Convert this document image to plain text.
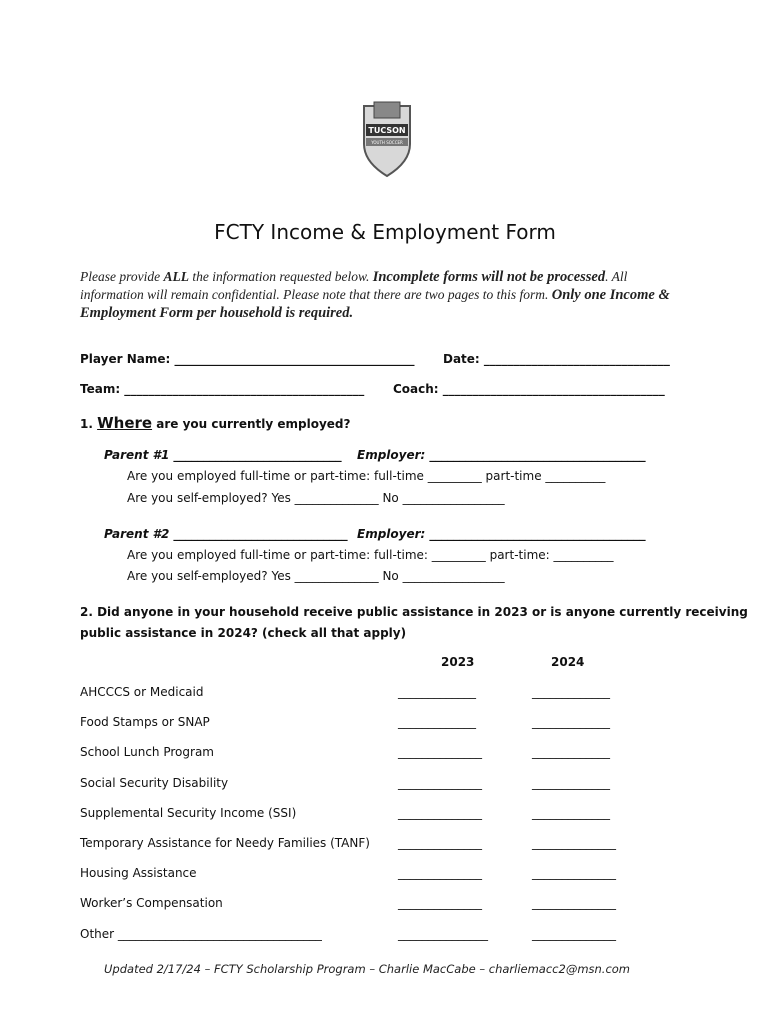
TUCSON
YOUTH SOCCER
FCTY Income & Employment Form
Please provide ALL the information requested below. Incomplete forms will not be processed. All information will remain confidential. Please note that there are two pages to this form. Only one Income & Employment Form per household is required.
Player Name: ________________________________________ Date: _______________________________
Team: ________________________________________ Coach: _____________________________________
1. Where are you currently employed?
Parent #1 ____________________________ Employer: ____________________________________
Are you employed full-time or part-time: full-time _________ part-time __________
Are you self-employed? Yes ______________ No _________________
Parent #2 _____________________________ Employer: ____________________________________
Are you employed full-time or part-time: full-time: _________ part-time: __________
Are you self-employed? Yes ______________ No _________________
2. Did anyone in your household receive public assistance in 2023 or is anyone currently receiving
public assistance in 2024? (check all that apply)
2023	2024
AHCCCS or Medicaid	_____________	_____________
Food Stamps or SNAP	_____________	_____________
School Lunch Program	______________	_____________
Social Security Disability	______________	_____________
Supplemental Security Income (SSI)	______________	_____________
Temporary Assistance for Needy Families (TANF) ______________	______________
Housing Assistance	______________	______________
Worker’s Compensation	______________	______________
Other __________________________________	_______________	______________
Updated 2/17/24 – FCTY Scholarship Program – Charlie MacCabe – charliemacc2@msn.com
